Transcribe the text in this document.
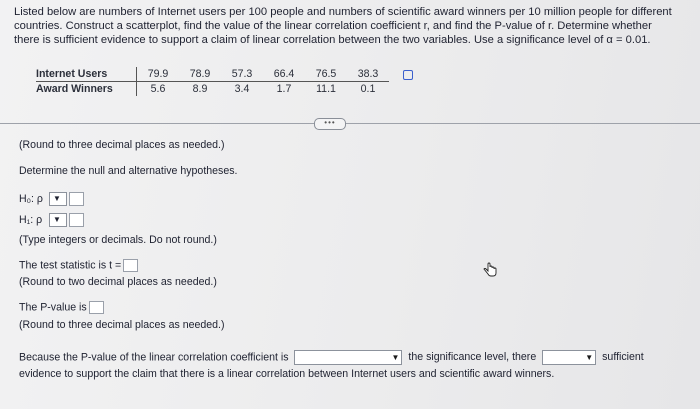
Listed below are numbers of Internet users per 100 people and numbers of scientific award winners per 10 million people for different countries. Construct a scatterplot, find the value of the linear correlation coefficient r, and find the P-value of r. Determine whether there is sufficient evidence to support a claim of linear correlation between the two variables. Use a significance level of α = 0.01.
Internet Users	79.9	78.9	57.3	66.4	76.5	38.3
Award Winners	5.6	8.9	3.4	1.7	11.1	0.1
•••
(Round to three decimal places as needed.)
Determine the null and alternative hypotheses.
H₀: ρ	▼
H₁: ρ	▼
(Type integers or decimals. Do not round.)
The test statistic is t =
(Round to two decimal places as needed.)
The P-value is
(Round to three decimal places as needed.)
Because the P-value of the linear correlation coefficient is	▼ the significance level, there	▼ sufficient
evidence to support the claim that there is a linear correlation between Internet users and scientific award winners.
